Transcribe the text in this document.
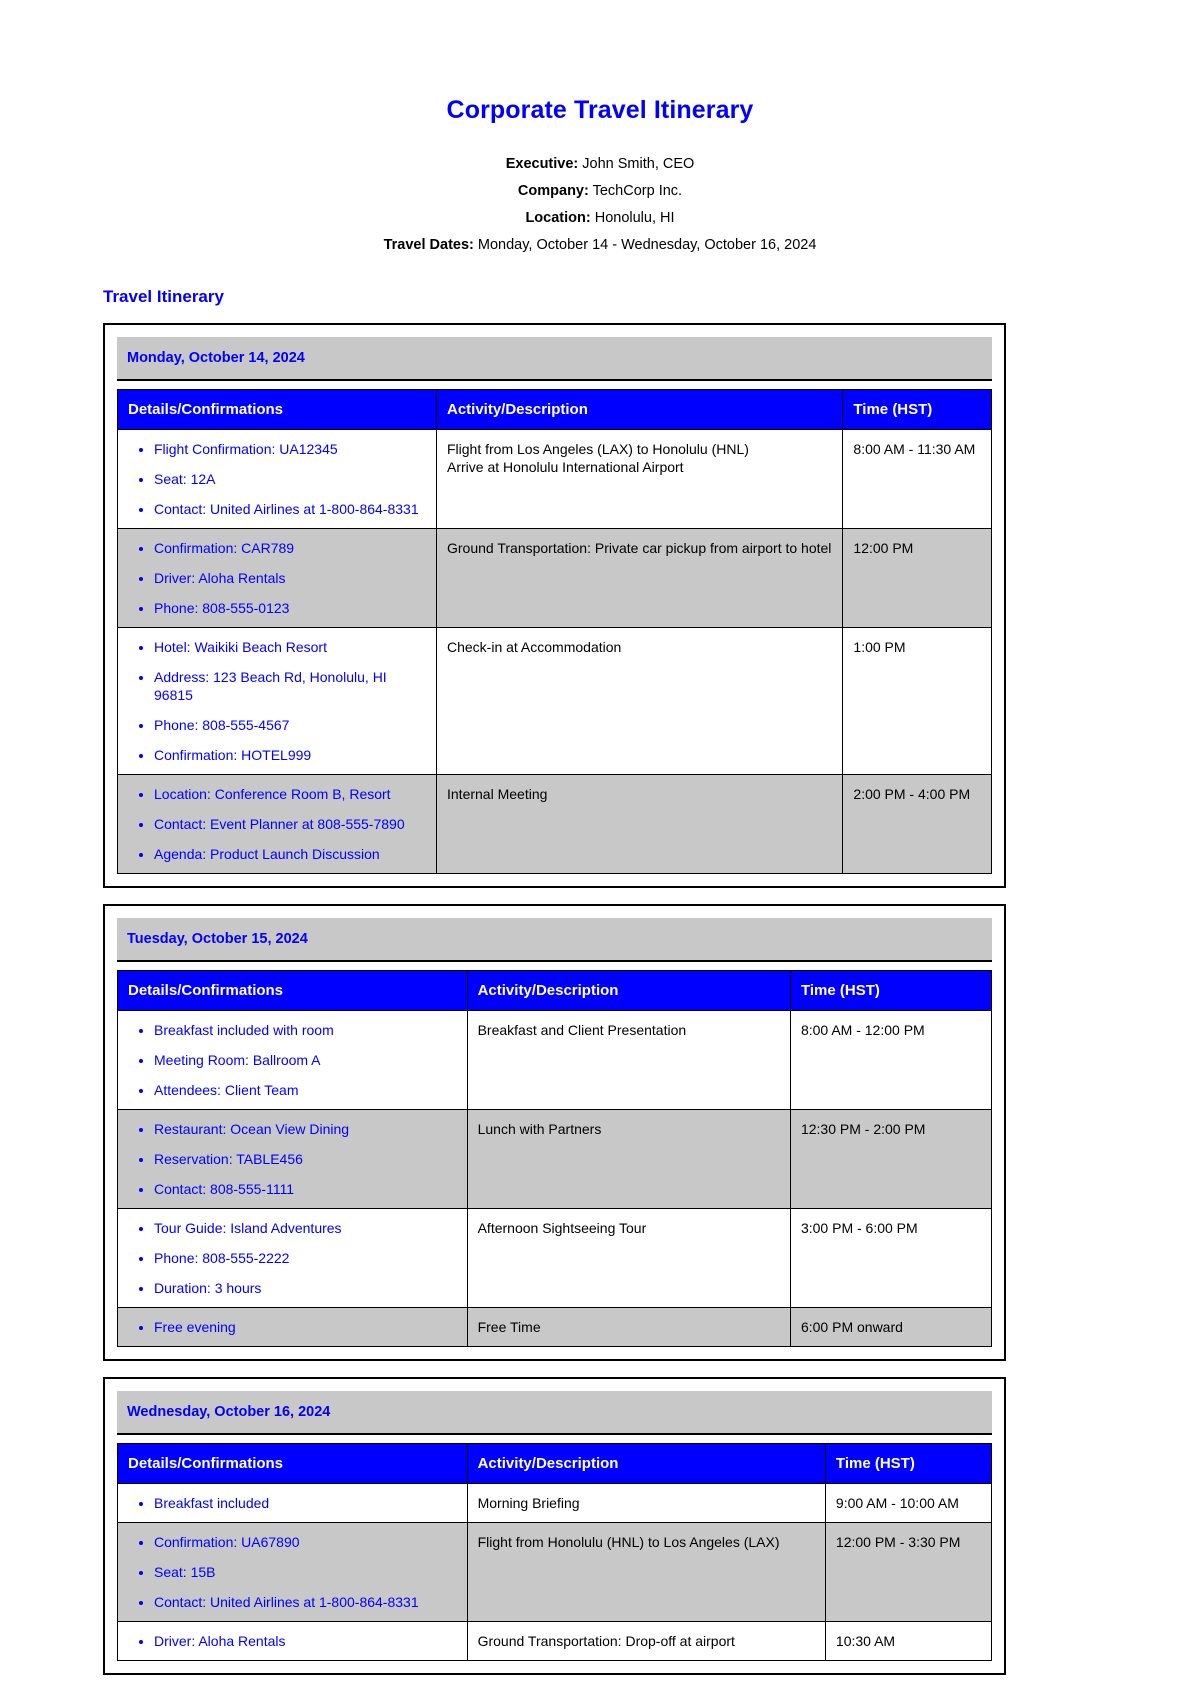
Corporate Travel Itinerary

Executive: John Smith, CEO

Company: TechCorp Inc.

Location: Honolulu, HI

Travel Dates: Monday, October 14 - Wednesday, October 16, 2024

Travel Itinerary
Monday, October 14, 2024
Details/Confirmations	Activity/Description	Time (HST)

• Flight Confirmation: UA12345
• Seat: 12A
• Contact: United Airlines at 1-800-864-8331

Flight from Los Angeles (LAX) to Honolulu (HNL)
Arrive at Honolulu International Airport
	8:00 AM - 11:30 AM

• Confirmation: CAR789
• Driver: Aloha Rentals
• Phone: 808-555-0123

Ground Transportation: Private car pickup from airport to hotel	12:00 PM

• Hotel: Waikiki Beach Resort
• Address: 123 Beach Rd, Honolulu, HI 96815
• Phone: 808-555-4567
• Confirmation: HOTEL999

Check-in at Accommodation	1:00 PM

• Location: Conference Room B, Resort
• Contact: Event Planner at 808-555-7890
• Agenda: Product Launch Discussion

Internal Meeting	2:00 PM - 4:00 PM
Tuesday, October 15, 2024
Details/Confirmations	Activity/Description	Time (HST)

• Breakfast included with room
• Meeting Room: Ballroom A
• Attendees: Client Team

Breakfast and Client Presentation	8:00 AM - 12:00 PM

• Restaurant: Ocean View Dining
• Reservation: TABLE456
• Contact: 808-555-1111

Lunch with Partners	12:30 PM - 2:00 PM

• Tour Guide: Island Adventures
• Phone: 808-555-2222
• Duration: 3 hours

Afternoon Sightseeing Tour	3:00 PM - 6:00 PM

• Free evening	Free Time	6:00 PM onward
Wednesday, October 16, 2024
Details/Confirmations	Activity/Description	Time (HST)

• Breakfast included	Morning Briefing	9:00 AM - 10:00 AM

• Confirmation: UA67890
• Seat: 15B
• Contact: United Airlines at 1-800-864-8331

Flight from Honolulu (HNL) to Los Angeles (LAX)	12:00 PM - 3:30 PM

• Driver: Aloha Rentals	Ground Transportation: Drop-off at airport	10:30 AM
